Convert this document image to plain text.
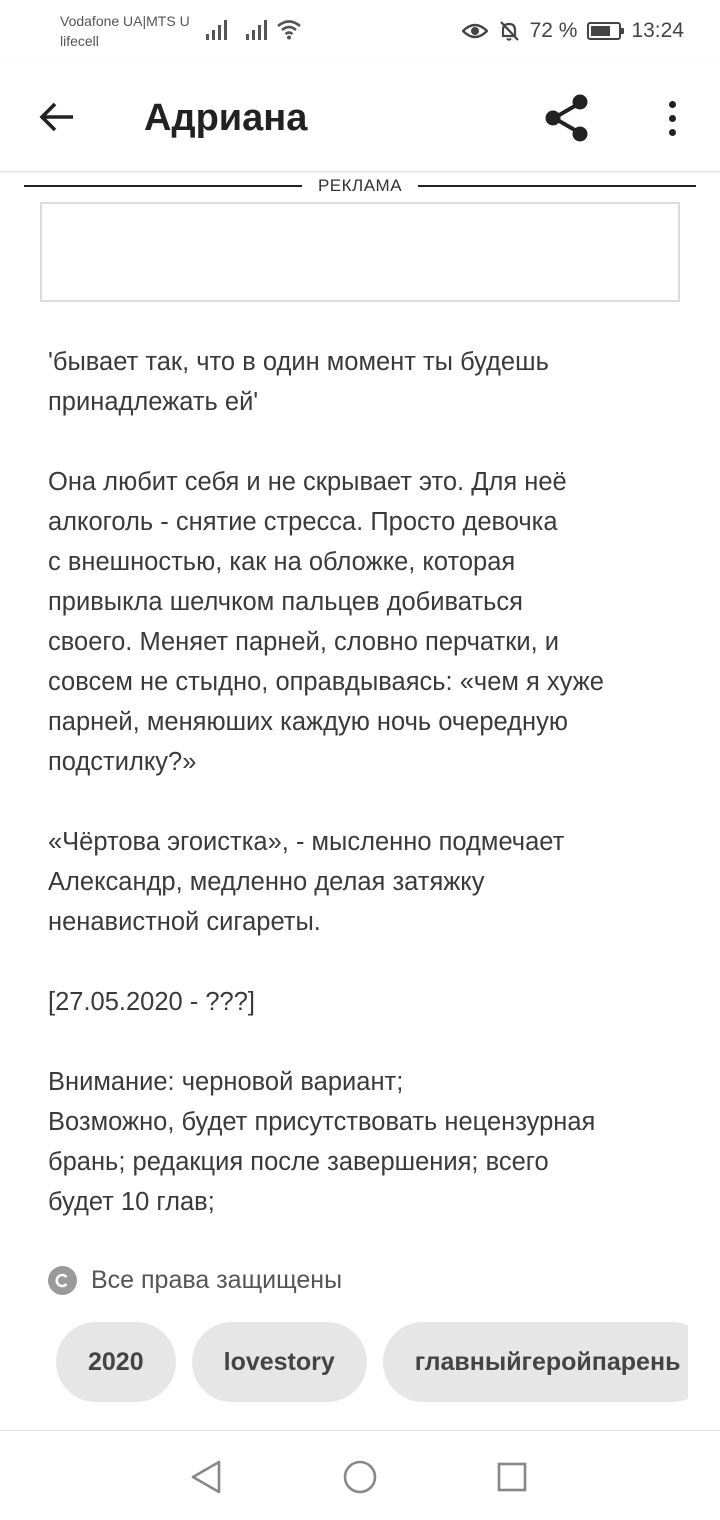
Vodafone UA|MTS U
lifecell	72 %	13:24
Адриана
РЕКЛАМА

'бывает так, что в один момент ты будешь
принадлежать ей'

Она любит себя и не скрывает это. Для неё
алкоголь - снятие стресса. Просто девочка
с внешностью, как на обложке, которая
привыкла шелчком пальцев добиваться
своего. Меняет парней, словно перчатки, и
совсем не стыдно, оправдываясь: «чем я хуже
парней, меняюших каждую ночь очередную
подстилку?»

«Чёртова эгоистка», - мысленно подмечает
Александр, медленно делая затяжку
ненавистной сигареты.

[27.05.2020 - ???]

Внимание: черновой вариант;
Возможно, будет присутствовать нецензурная
брань; редакция после завершения; всего
будет 10 глав;

Все права защищены
2020	lovestory	главныйгеройпарень
